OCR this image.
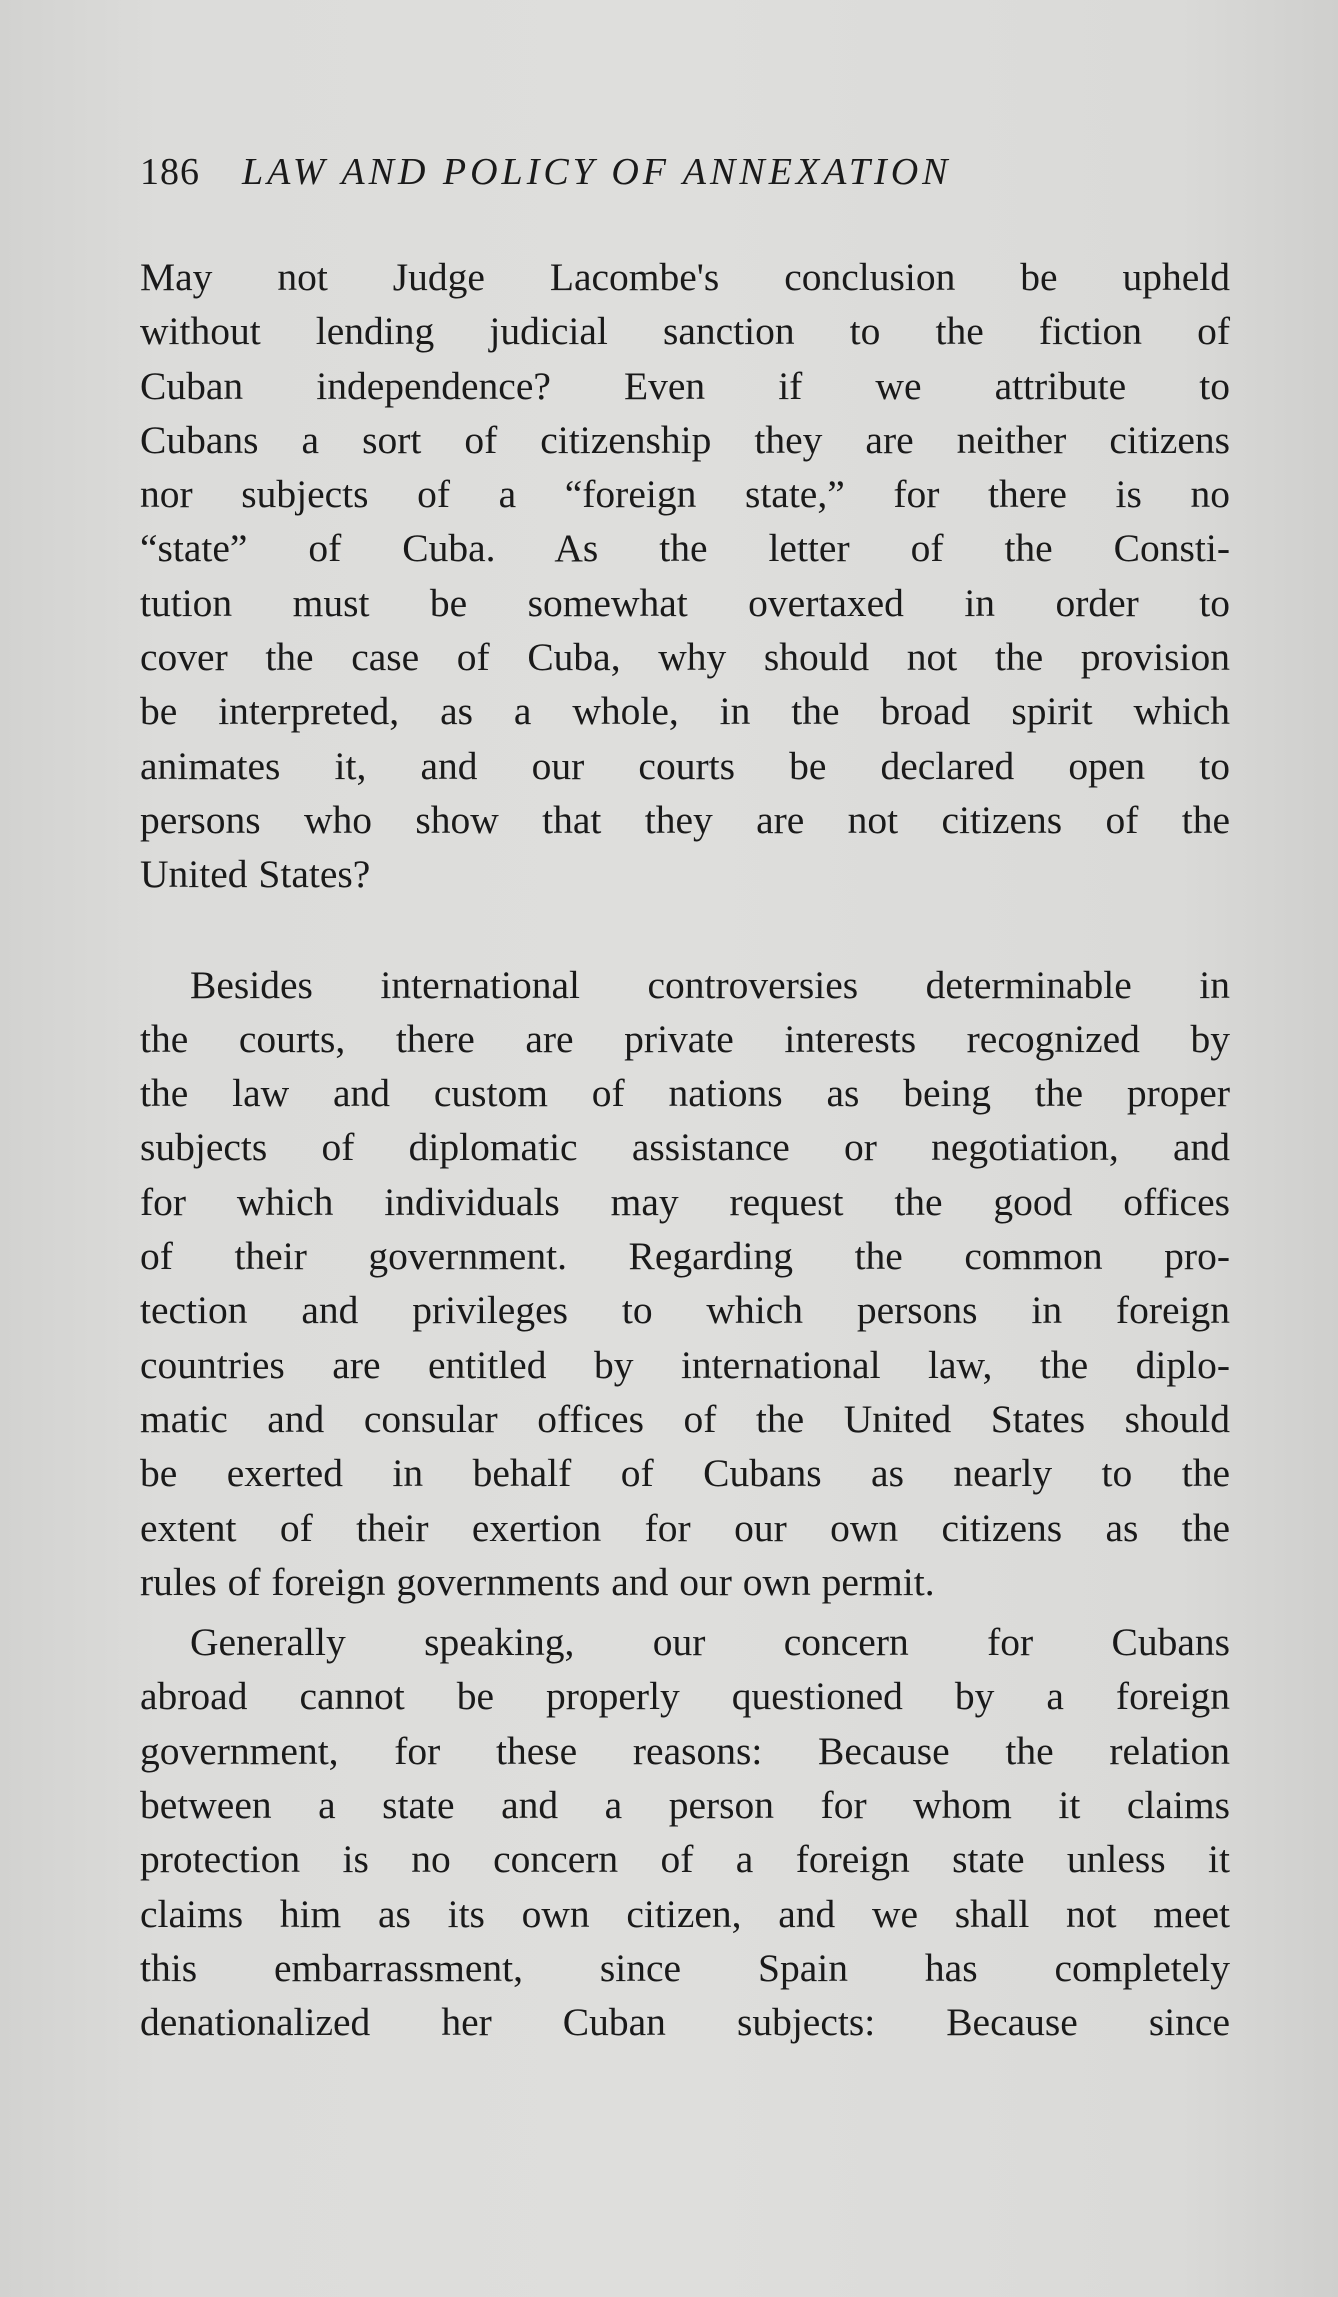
186 LAW AND POLICY OF ANNEXATION
May not Judge Lacombe's conclusion be upheld
without lending judicial sanction to the fiction of
Cuban independence? Even if we attribute to
Cubans a sort of citizenship they are neither citizens
nor subjects of a “foreign state,” for there is no
“state” of Cuba. As the letter of the Consti-
tution must be somewhat overtaxed in order to
cover the case of Cuba, why should not the provision
be interpreted, as a whole, in the broad spirit which
animates it, and our courts be declared open to
persons who show that they are not citizens of the
United States?
Besides international controversies determinable in
the courts, there are private interests recognized by
the law and custom of nations as being the proper
subjects of diplomatic assistance or negotiation, and
for which individuals may request the good offices
of their government. Regarding the common pro-
tection and privileges to which persons in foreign
countries are entitled by international law, the diplo-
matic and consular offices of the United States should
be exerted in behalf of Cubans as nearly to the
extent of their exertion for our own citizens as the
rules of foreign governments and our own permit.
Generally speaking, our concern for Cubans
abroad cannot be properly questioned by a foreign
government, for these reasons: Because the relation
between a state and a person for whom it claims
protection is no concern of a foreign state unless it
claims him as its own citizen, and we shall not meet
this embarrassment, since Spain has completely
denationalized her Cuban subjects: Because since
